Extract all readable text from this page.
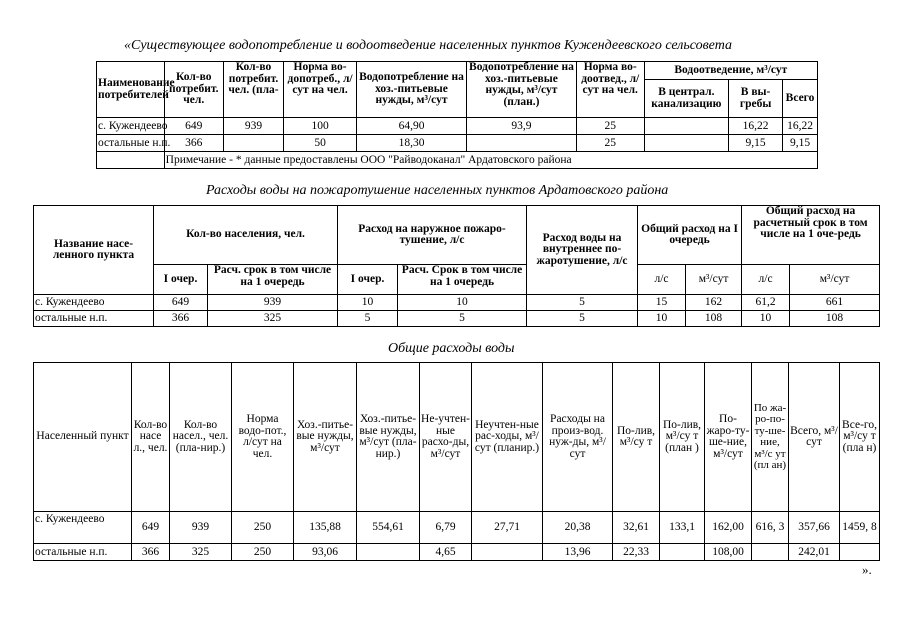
«Существующее водопотребление и водоотведение населенных пунктов Кужендеевского сельсовета
Наименование потребителей	Кол-во потребит. чел.	Кол-во потребит. чел. (пла-	Норма во-допотреб., л/сут на чел.	Водопотребление на хоз.-питьевые нужды, м³/сут	Водопотребление на хоз.-питьевые нужды, м³/сут (план.)	Норма во-доотвед., л/сут на чел.	Водоотведение, м³/сут		
							В централ. канализацию	В вы-гребы	Всего
с. Кужендеево	649	939	100	64,90	93,9	25		16,22	16,22
остальные н.п.	366		50	18,30		25		9,15	9,15
	Примечание - * данные предоставлены ООО "Райводоканал" Ардатовского района								
Расходы воды на пожаротушение населенных пунктов Ардатовского района
Название насе-ленного пункта	Кол-во населения, чел.		Расход на наружное пожаро-тушение, л/с		Расход воды на внутреннее по-жаротушение, л/с	Общий расход на I очередь		Общий расход на расчетный срок в том числе на 1 оче-редь	
	I очер.	Расч. срок в том числе на 1 очередь	I очер.	Расч. Срок в том числе на 1 очередь		л/с	м³/сут	л/с	м³/сут
с. Кужендеево	649	939	10	10	5	15	162	61,2	661
остальные н.п.	366	325	5	5	5	10	108	10	108
Общие расходы воды
Населенный пункт	Кол-во насе л., чел.	Кол-во насел., чел. (пла-нир.)	Норма водо-пот., л/сут на чел.	Хоз.-питье-вые нужды, м³/сут	Хоз.-питье-вые нужды, м³/сут (пла-нир.)	Не-учтен-ные расхо-ды, м³/сут	Неучтен-ные рас-ходы, м³/сут (планир.)	Расходы на произ-вод. нуж-ды, м³/сут	По-лив, м³/су т	По-лив, м³/су т (план )	По-жаро-ту-ше-ние, м³/сут	По жа-ро-по-ту-ше-ние, м³/с ут (пл ан)	Всего, м³/сут	Все-го, м³/су т (пла н)
с. Кужендеево	649	939	250	135,88	554,61	6,79	27,71	20,38	32,61	133,1	162,00	616, 3	357,66	1459, 8
остальные н.п.	366	325	250	93,06		4,65		13,96	22,33		108,00		242,01	
».
